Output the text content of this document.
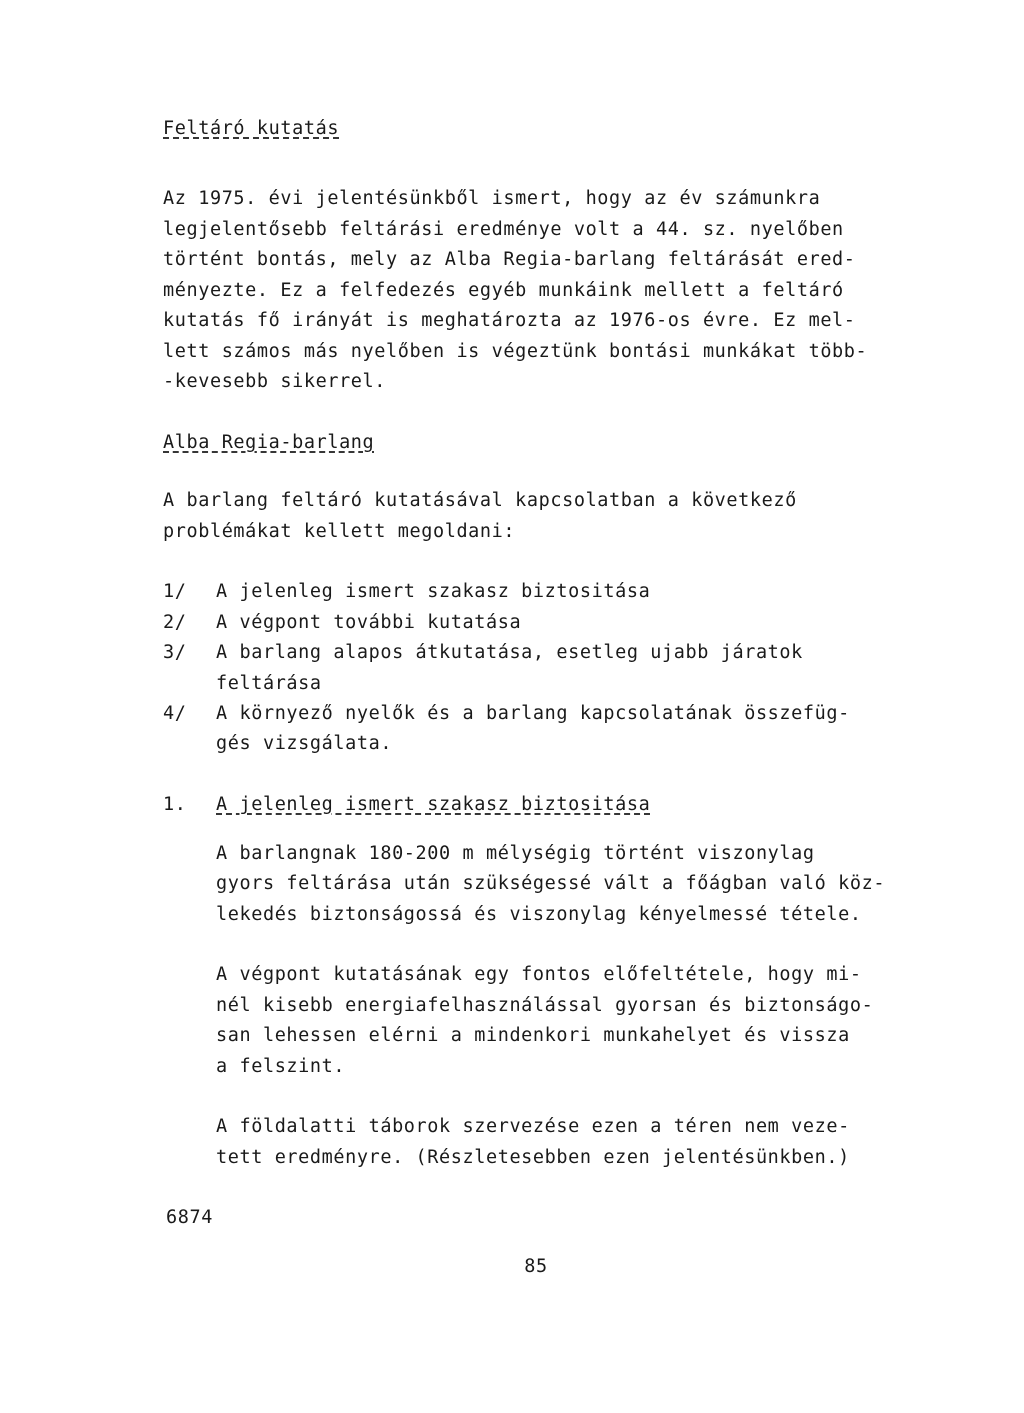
Feltáró kutatás

Az 1975. évi jelentésünkből ismert, hogy az év számunkra

legjelentősebb feltárási eredménye volt a 44. sz. nyelőben

történt bontás, mely az Alba Regia-barlang feltárását ered-

ményezte. Ez a felfedezés egyéb munkáink mellett a feltáró

kutatás fő irányát is meghatározta az 1976-os évre. Ez mel-

lett számos más nyelőben is végeztünk bontási munkákat több-

-kevesebb sikerrel.

Alba Regia-barlang

A barlang feltáró kutatásával kapcsolatban a következő

problémákat kellett megoldani:

1/ A jelenleg ismert szakasz biztositása

2/ A végpont további kutatása

3/ A barlang alapos átkutatása, esetleg ujabb járatok

feltárása

4/ A környező nyelők és a barlang kapcsolatának összefüg-

gés vizsgálata.

1. A jelenleg ismert szakasz biztositása

A barlangnak 180-200 m mélységig történt viszonylag

gyors feltárása után szükségessé vált a főágban való köz-

lekedés biztonságossá és viszonylag kényelmessé tétele.

A végpont kutatásának egy fontos előfeltétele, hogy mi-

nél kisebb energiafelhasználással gyorsan és biztonságo-

san lehessen elérni a mindenkori munkahelyet és vissza

a felszint.

A földalatti táborok szervezése ezen a téren nem veze-

tett eredményre. (Részletesebben ezen jelentésünkben.)

6874

85
